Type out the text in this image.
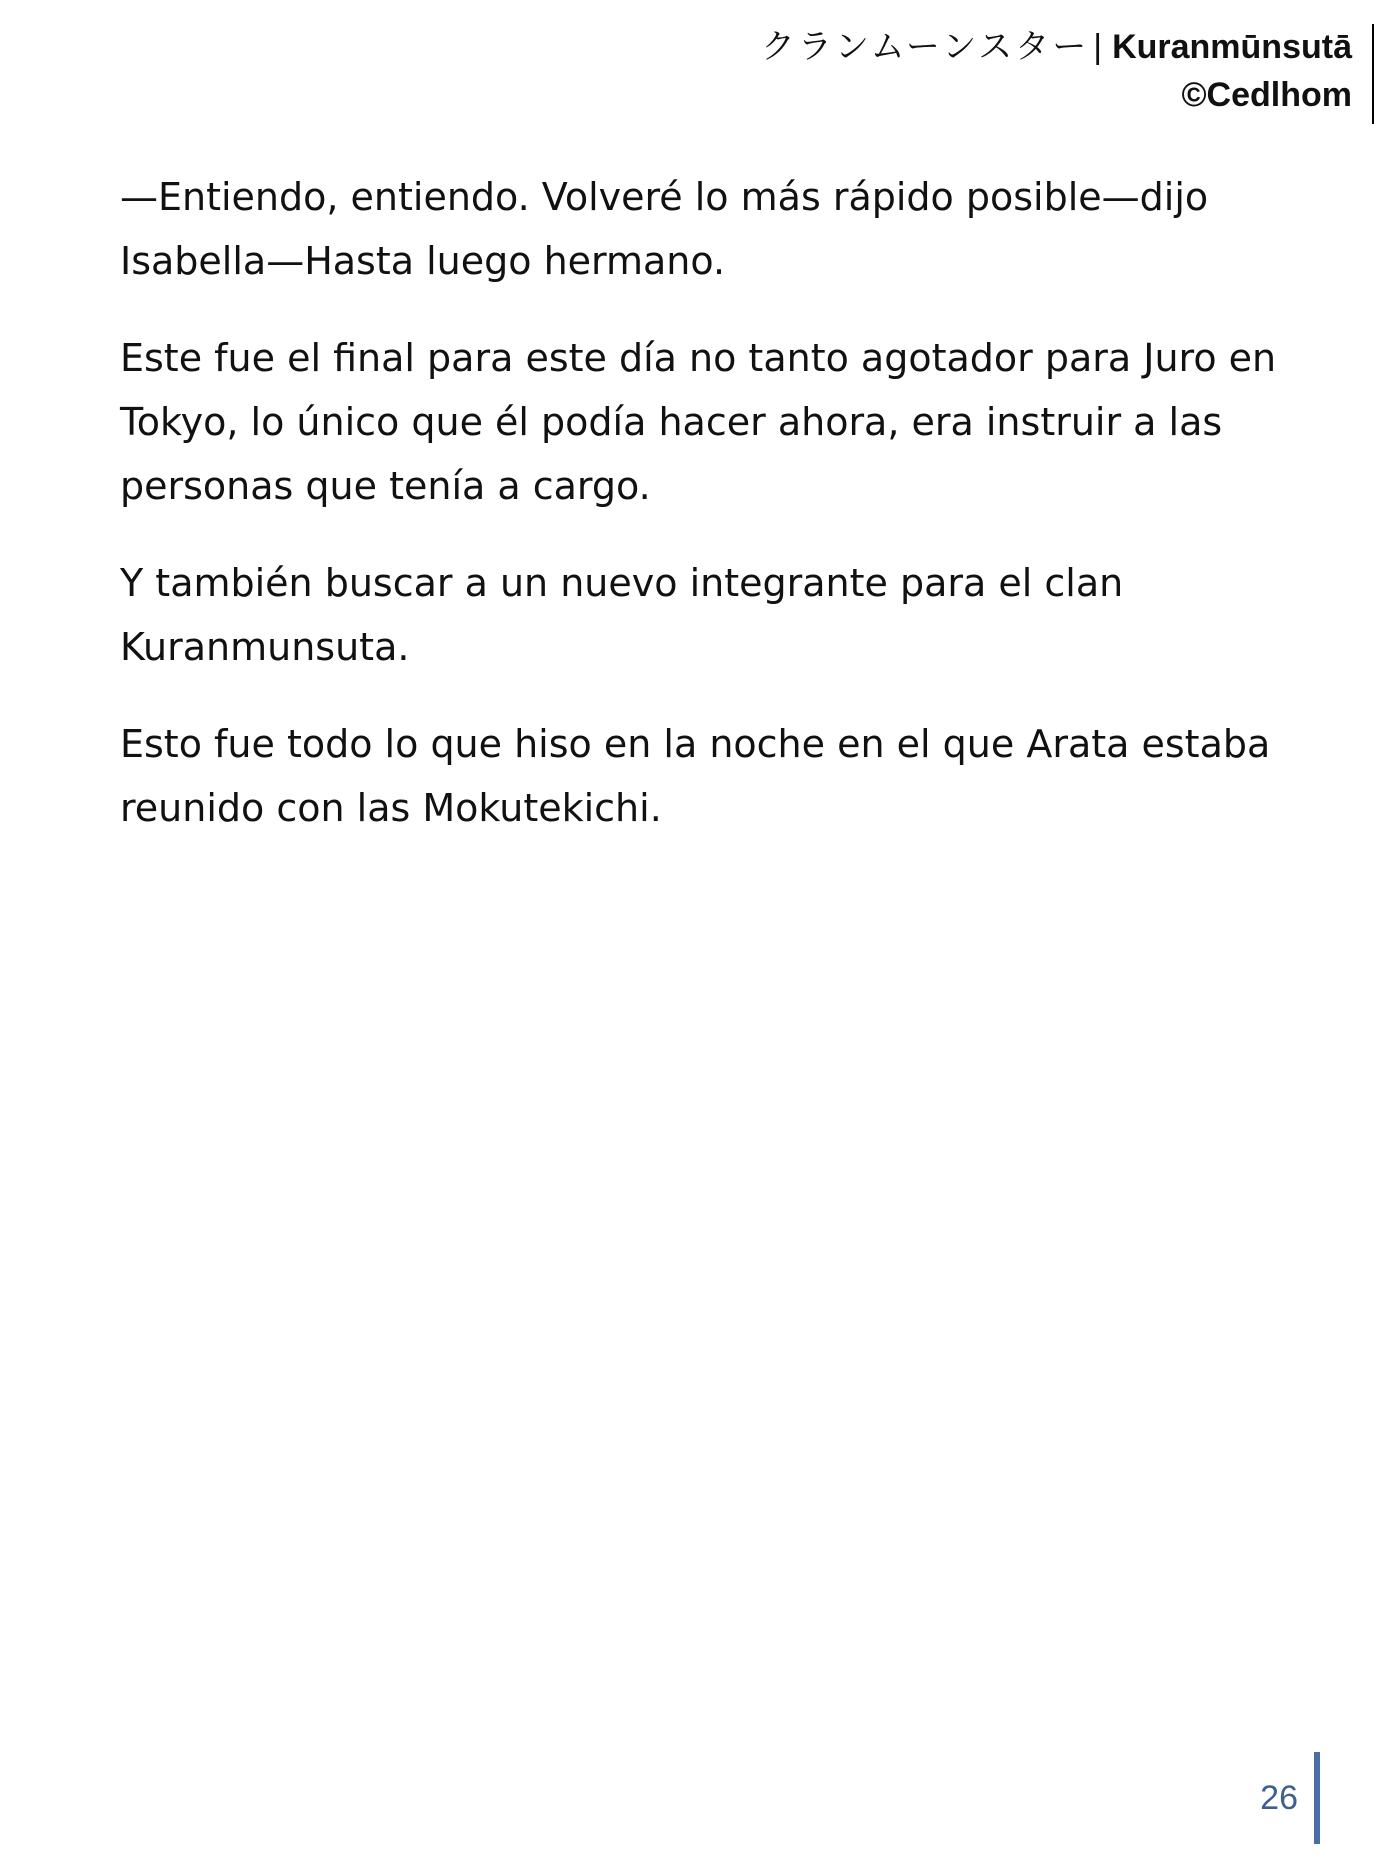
クランムーンスター | Kuranmūnsutā
©Cedlhom

—Entiendo, entiendo. Volveré lo más rápido posible—dijo Isabella—Hasta luego hermano.

Este fue el final para este día no tanto agotador para Juro en Tokyo, lo único que él podía hacer ahora, era instruir a las personas que tenía a cargo.

Y también buscar a un nuevo integrante para el clan Kuranmunsuta.

Esto fue todo lo que hiso en la noche en el que Arata estaba reunido con las Mokutekichi.

26
